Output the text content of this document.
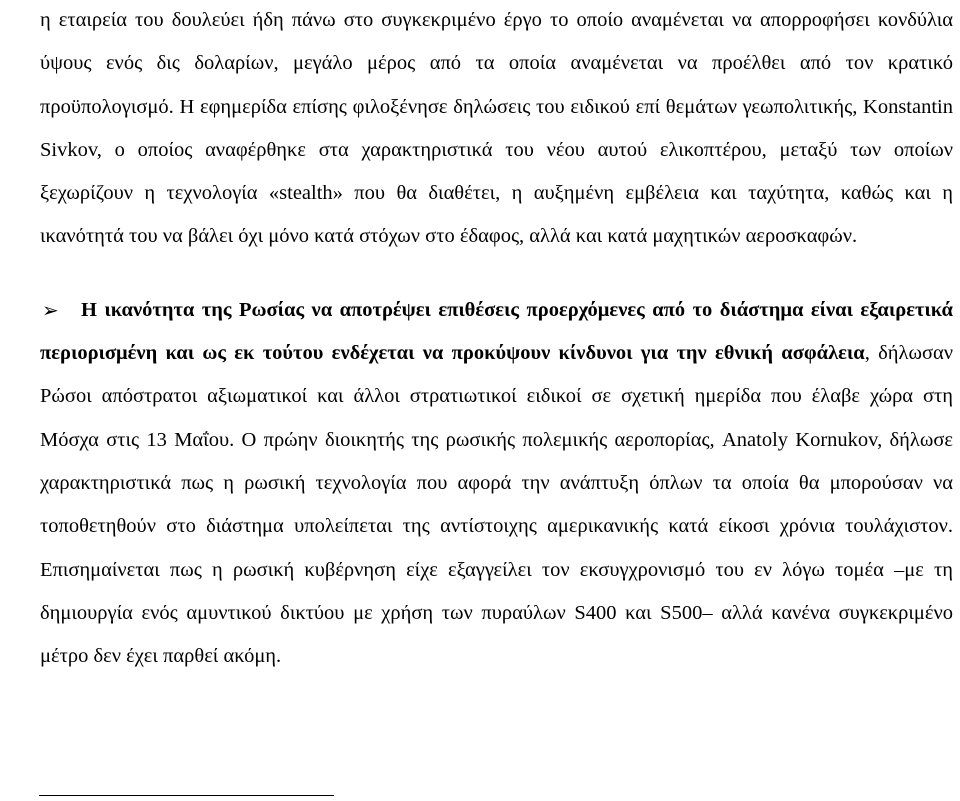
η εταιρεία του δουλεύει ήδη πάνω στο συγκεκριμένο έργο το οποίο αναμένεται να απορροφήσει κονδύλια ύψους ενός δις δολαρίων, μεγάλο μέρος από τα οποία αναμένεται να προέλθει από τον κρατικό προϋπολογισμό. Η εφημερίδα επίσης φιλοξένησε δηλώσεις του ειδικού επί θεμάτων γεωπολιτικής, Konstantin Sivkov, ο οποίος αναφέρθηκε στα χαρακτηριστικά του νέου αυτού ελικοπτέρου, μεταξύ των οποίων ξεχωρίζουν η τεχνολογία «stealth» που θα διαθέτει, η αυξημένη εμβέλεια και ταχύτητα, καθώς και η ικανότητά του να βάλει όχι μόνο κατά στόχων στο έδαφος, αλλά και κατά μαχητικών αεροσκαφών.

➢ Η ικανότητα της Ρωσίας να αποτρέψει επιθέσεις προερχόμενες από το διάστημα είναι εξαιρετικά περιορισμένη και ως εκ τούτου ενδέχεται να προκύψουν κίνδυνοι για την εθνική ασφάλεια, δήλωσαν Ρώσοι απόστρατοι αξιωματικοί και άλλοι στρατιωτικοί ειδικοί σε σχετική ημερίδα που έλαβε χώρα στη Μόσχα στις 13 Μαΐου. Ο πρώην διοικητής της ρωσικής πολεμικής αεροπορίας, Anatoly Kornukov, δήλωσε χαρακτηριστικά πως η ρωσική τεχνολογία που αφορά την ανάπτυξη όπλων τα οποία θα μπορούσαν να τοποθετηθούν στο διάστημα υπολείπεται της αντίστοιχης αμερικανικής κατά είκοσι χρόνια τουλάχιστον. Επισημαίνεται πως η ρωσική κυβέρνηση είχε εξαγγείλει τον εκσυγχρονισμό του εν λόγω τομέα –με τη δημιουργία ενός αμυντικού δικτύου με χρήση των πυραύλων S400 και S500– αλλά κανένα συγκεκριμένο μέτρο δεν έχει παρθεί ακόμη.
